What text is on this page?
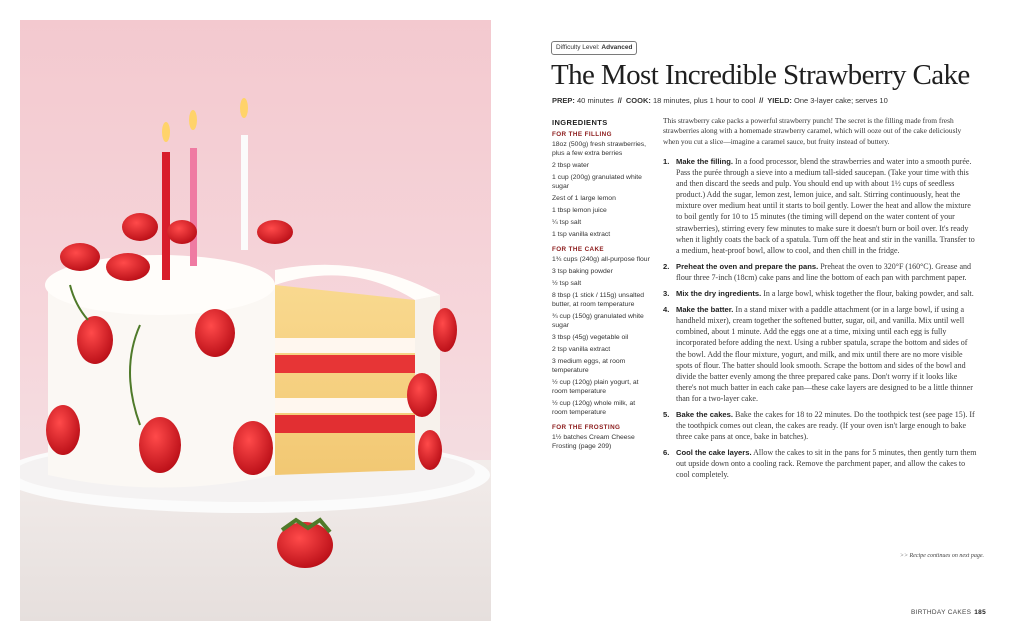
Difficulty Level: Advanced
The Most Incredible Strawberry Cake
PREP: 40 minutes // COOK: 18 minutes, plus 1 hour to cool // YIELD: One 3-layer cake; serves 10
INGREDIENTS
FOR THE FILLING
18oz (500g) fresh strawberries, plus a few extra berries
2 tbsp water
1 cup (200g) granulated white sugar
Zest of 1 large lemon
1 tbsp lemon juice
¼ tsp salt
1 tsp vanilla extract
FOR THE CAKE
1¾ cups (240g) all-purpose flour
3 tsp baking powder
½ tsp salt
8 tbsp (1 stick / 115g) unsalted butter, at room temperature
¾ cup (150g) granulated white sugar
3 tbsp (45g) vegetable oil
2 tsp vanilla extract
3 medium eggs, at room temperature
½ cup (120g) plain yogurt, at room temperature
½ cup (120g) whole milk, at room temperature
FOR THE FROSTING
1½ batches Cream Cheese Frosting (page 209)
This strawberry cake packs a powerful strawberry punch! The secret is the filling made from fresh strawberries along with a homemade strawberry caramel, which will ooze out of the cake deliciously when you cut a slice—imagine a caramel sauce, but fruity instead of buttery.
1. Make the filling. In a food processor, blend the strawberries and water into a smooth purée. Pass the purée through a sieve into a medium tall-sided saucepan. (Take your time with this and then discard the seeds and pulp. You should end up with about 1½ cups of seedless product.) Add the sugar, lemon zest, lemon juice, and salt. Stirring continuously, heat the mixture over medium heat until it starts to boil gently. Lower the heat and allow the mixture to boil gently for 10 to 15 minutes (the timing will depend on the water content of your strawberries), stirring every few minutes to make sure it doesn't burn or boil over. It's ready when it lightly coats the back of a spatula. Turn off the heat and stir in the vanilla. Transfer to a medium, heat-proof bowl, allow to cool, and then chill in the fridge.
2. Preheat the oven and prepare the pans. Preheat the oven to 320°F (160°C). Grease and flour three 7-inch (18cm) cake pans and line the bottom of each pan with parchment paper.
3. Mix the dry ingredients. In a large bowl, whisk together the flour, baking powder, and salt.
4. Make the batter. In a stand mixer with a paddle attachment (or in a large bowl, if using a handheld mixer), cream together the softened butter, sugar, oil, and vanilla. Mix until well combined, about 1 minute. Add the eggs one at a time, mixing until each egg is fully incorporated before adding the next. Using a rubber spatula, scrape the bottom and sides of the bowl. Add the flour mixture, yogurt, and milk, and mix until there are no more visible spots of flour. The batter should look smooth. Scrape the bottom and sides of the bowl and divide the batter evenly among the three prepared cake pans. Don't worry if it looks like there's not much batter in each cake pan—these cake layers are designed to be a little thinner than for a two-layer cake.
5. Bake the cakes. Bake the cakes for 18 to 22 minutes. Do the toothpick test (see page 15). If the toothpick comes out clean, the cakes are ready. (If your oven isn't large enough to bake three cake pans at once, bake in batches).
6. Cool the cake layers. Allow the cakes to sit in the pans for 5 minutes, then gently turn them out upside down onto a cooling rack. Remove the parchment paper, and allow the cakes to cool completely.
>> Recipe continues on next page.
BIRTHDAY CAKES 185
